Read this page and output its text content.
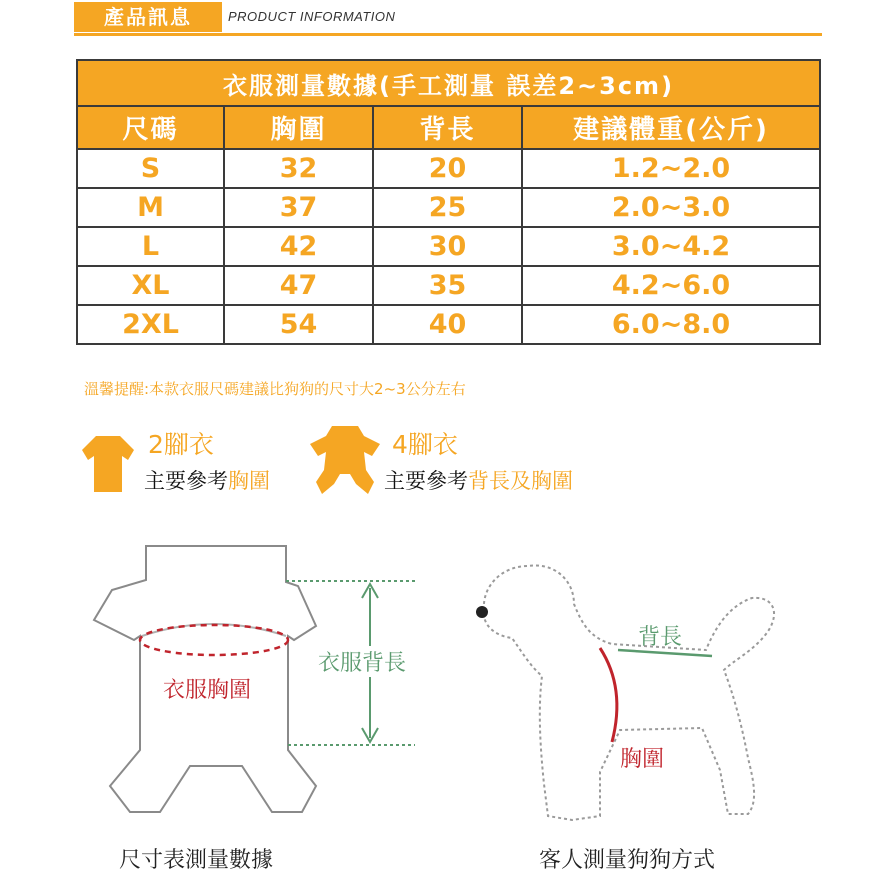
產品訊息	PRODUCT INFORMATION
衣服測量數據(手工測量 誤差2~3cm)			
尺碼	胸圍	背長	建議體重(公斤)
S	32	20	1.2~2.0
M	37	25	2.0~3.0
L	42	30	3.0~4.2
XL	47	35	4.2~6.0
2XL	54	40	6.0~8.0
溫馨提醒:本款衣服尺碼建議比狗狗的尺寸大2~3公分左右
2腳衣
主要參考胸圍
4腳衣
主要參考背長及胸圍
衣服胸圍
衣服背長
尺寸表測量數據
背長
胸圍
客人測量狗狗方式
